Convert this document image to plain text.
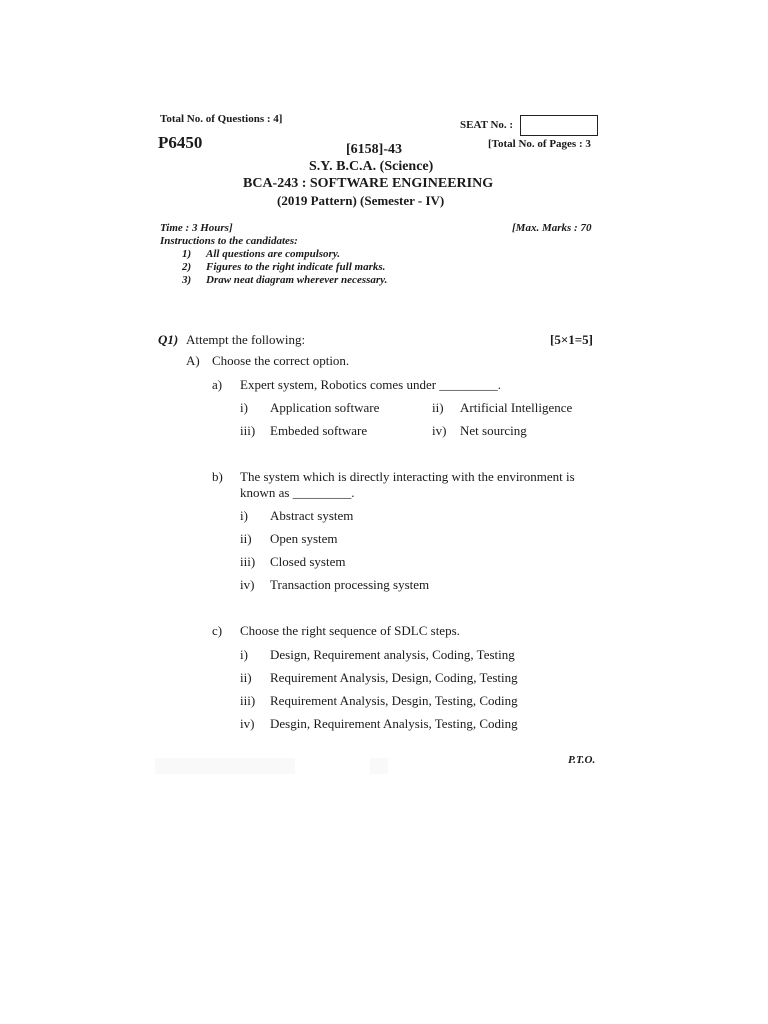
Total No. of Questions : 4]	SEAT No. :
P6450	[Total No. of Pages : 3
[6158]-43
S.Y. B.C.A. (Science)
BCA-243 : SOFTWARE ENGINEERING
(2019 Pattern) (Semester - IV)
Time : 3 Hours]	[Max. Marks : 70
Instructions to the candidates:
1) All questions are compulsory.
2) Figures to the right indicate full marks.
3) Draw neat diagram wherever necessary.
Q1) Attempt the following:	[5×1=5]
A) Choose the correct option.
a) Expert system, Robotics comes under _________.
i) Application software	ii) Artificial Intelligence
iii) Embeded software	iv) Net sourcing
b) The system which is directly interacting with the environment is
known as _________.
i) Abstract system
ii) Open system
iii) Closed system
iv) Transaction processing system
c) Choose the right sequence of SDLC steps.
i) Design, Requirement analysis, Coding, Testing
ii) Requirement Analysis, Design, Coding, Testing
iii) Requirement Analysis, Desgin, Testing, Coding
iv) Desgin, Requirement Analysis, Testing, Coding
P.T.O.
